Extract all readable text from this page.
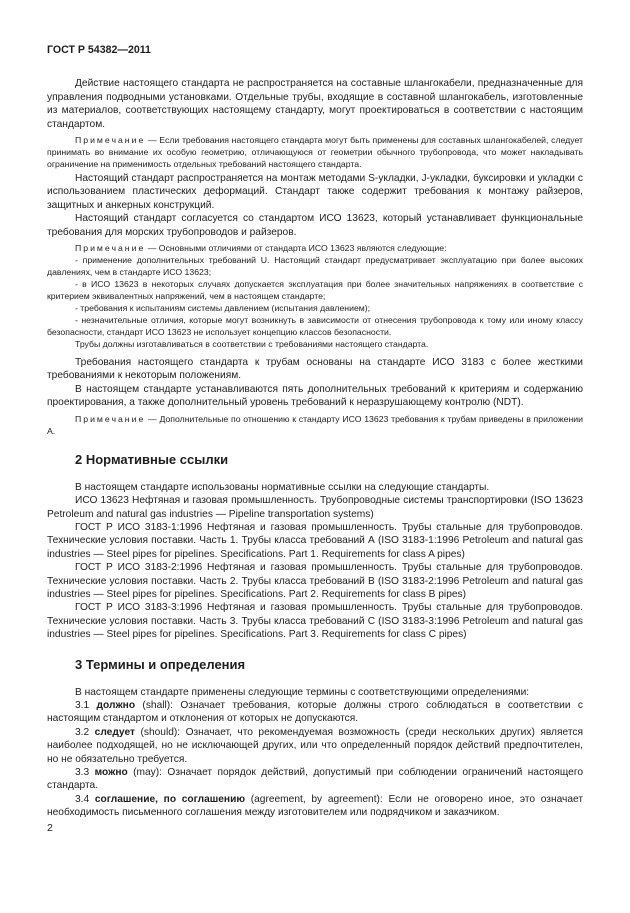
ГОСТ Р 54382—2011

Действие настоящего стандарта не распространяется на составные шлангокабели, предназначенные для управления подводными установками. Отдельные трубы, входящие в составной шлангокабель, изготовленные из материалов, соответствующих настоящему стандарту, могут проектироваться в соответствии с настоящим стандартом.

Примечание — Если требования настоящего стандарта могут быть применены для составных шлангокабелей, следует принимать во внимание их особую геометрию, отличающуюся от геометрии обычного трубопровода, что может накладывать ограничение на применимость отдельных требований настоящего стандарта.

Настоящий стандарт распространяется на монтаж методами S-укладки, J-укладки, буксировки и укладки с использованием пластических деформаций. Стандарт также содержит требования к монтажу райзеров, защитных и анкерных конструкций.

Настоящий стандарт согласуется со стандартом ИСО 13623, который устанавливает функциональные требования для морских трубопроводов и райзеров.

Примечание — Основными отличиями от стандарта ИСО 13623 являются следующие:

- применение дополнительных требований U. Настоящий стандарт предусматривает эксплуатацию при более высоких давлениях, чем в стандарте ИСО 13623;

- в ИСО 13623 в некоторых случаях допускается эксплуатация при более значительных напряжениях в соответствие с критерием эквивалентных напряжений, чем в настоящем стандарте;

- требования к испытаниям системы давлением (испытания давлением);

- незначительные отличия, которые могут возникнуть в зависимости от отнесения трубопровода к тому или иному классу безопасности, стандарт ИСО 13623 не использует концепцию классов безопасности.

Трубы должны изготавливаться в соответствии с требованиями настоящего стандарта.

Требования настоящего стандарта к трубам основаны на стандарте ИСО 3183 с более жесткими требованиями к некоторым положениям.

В настоящем стандарте устанавливаются пять дополнительных требований к критериям и содержанию проектирования, а также дополнительный уровень требований к неразрушающему контролю (NDT).

Примечание — Дополнительные по отношению к стандарту ИСО 13623 требования к трубам приведены в приложении А.

2 Нормативные ссылки

В настоящем стандарте использованы нормативные ссылки на следующие стандарты.

ИСО 13623 Нефтяная и газовая промышленность. Трубопроводные системы транспортировки (ISO 13623 Petroleum and natural gas industries — Pipeline transportation systems)

ГОСТ Р ИСО 3183-1:1996 Нефтяная и газовая промышленность. Трубы стальные для трубопроводов. Технические условия поставки. Часть 1. Трубы класса требований А (ISO 3183-1:1996 Petroleum and natural gas industries — Steel pipes for pipelines. Specifications. Part 1. Requirements for class A pipes)

ГОСТ Р ИСО 3183-2:1996 Нефтяная и газовая промышленность. Трубы стальные для трубопроводов. Технические условия поставки. Часть 2. Трубы класса требований В (ISO 3183-2:1996 Petroleum and natural gas industries — Steel pipes for pipelines. Specifications. Part 2. Requirements for class B pipes)

ГОСТ Р ИСО 3183-3:1996 Нефтяная и газовая промышленность. Трубы стальные для трубопроводов. Технические условия поставки. Часть 3. Трубы класса требований С (ISO 3183-3:1996 Petroleum and natural gas industries — Steel pipes for pipelines. Specifications. Part 3. Requirements for class C pipes)

3 Термины и определения

В настоящем стандарте применены следующие термины с соответствующими определениями:

3.1 должно (shall): Означает требования, которые должны строго соблюдаться в соответствии с настоящим стандартом и отклонения от которых не допускаются.

3.2 следует (should): Означает, что рекомендуемая возможность (среди нескольких других) является наиболее подходящей, но не исключающей других, или что определенный порядок действий предпочтителен, но не обязательно требуется.

3.3 можно (may): Означает порядок действий, допустимый при соблюдении ограничений настоящего стандарта.

3.4 соглашение, по соглашению (agreement, by agreement): Если не оговорено иное, это означает необходимость письменного соглашения между изготовителем или подрядчиком и заказчиком.

2
